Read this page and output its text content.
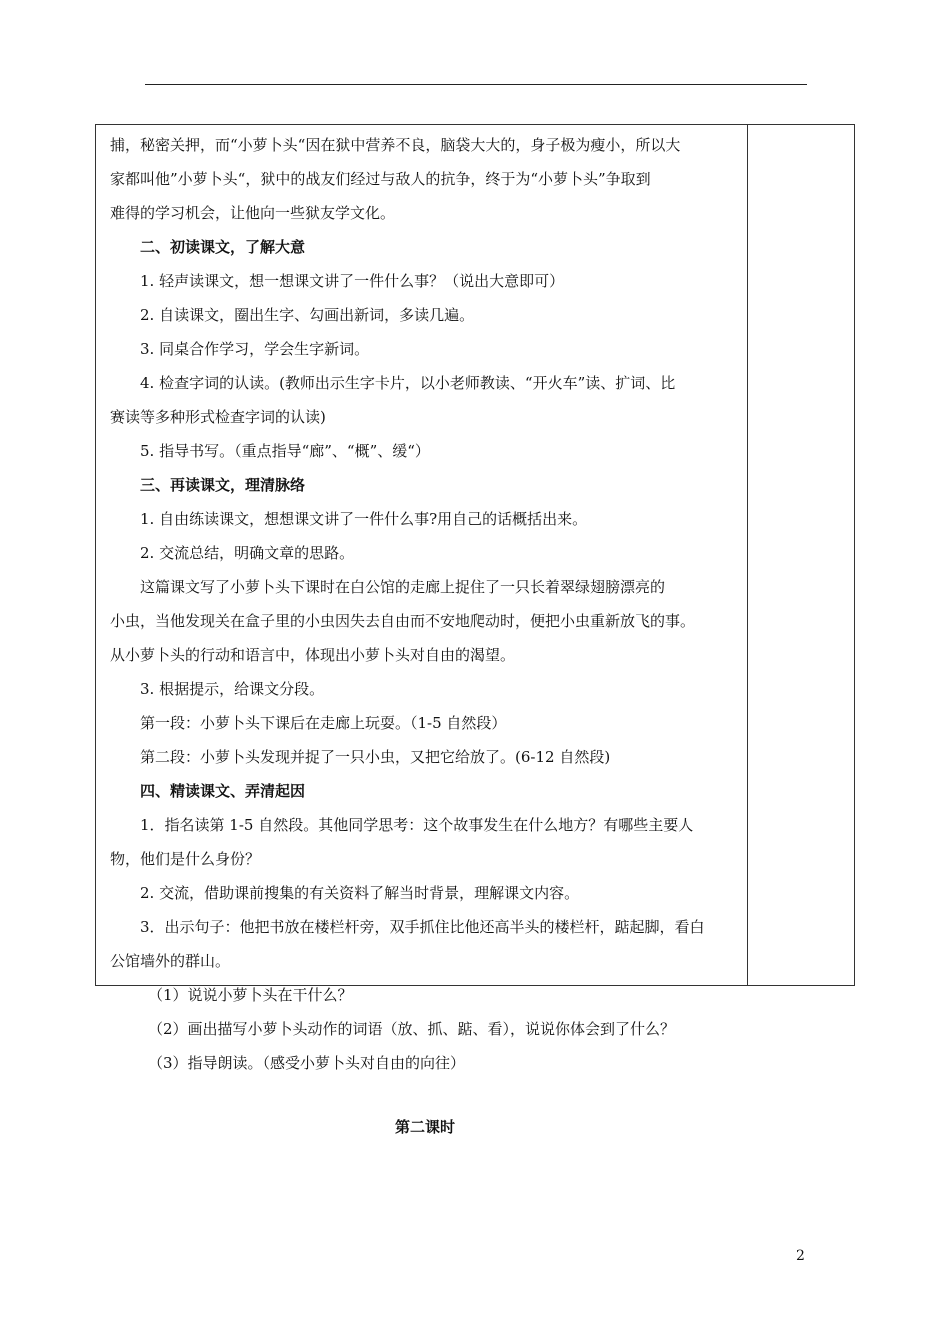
捕，秘密关押，而“小萝卜头“因在狱中营养不良，脑袋大大的，身子极为瘦小，所以大

家都叫他”小萝卜头“，狱中的战友们经过与敌人的抗争，终于为“小萝卜头”争取到

难得的学习机会，让他向一些狱友学文化。

二、初读课文，了解大意

1. 轻声读课文，想一想课文讲了一件什么事？（说出大意即可）

2. 自读课文，圈出生字、勾画出新词，多读几遍。

3. 同桌合作学习，学会生字新词。

4. 检查字词的认读。(教师出示生字卡片，以小老师教读、“开火车”读、扩词、比

赛读等多种形式检查字词的认读)

5. 指导书写。（重点指导“廊”、“概”、缓“）

三、再读课文，理清脉络

1. 自由练读课文，想想课文讲了一件什么事?用自己的话概括出来。

2. 交流总结，明确文章的思路。

这篇课文写了小萝卜头下课时在白公馆的走廊上捉住了一只长着翠绿翅膀漂亮的

小虫，当他发现关在盒子里的小虫因失去自由而不安地爬动时，便把小虫重新放飞的事。

从小萝卜头的行动和语言中，体现出小萝卜头对自由的渴望。

3. 根据提示，给课文分段。

第一段：小萝卜头下课后在走廊上玩耍。（1-5 自然段）

第二段：小萝卜头发现并捉了一只小虫，又把它给放了。(6-12 自然段)

四、精读课文、弄清起因

1．指名读第 1-5 自然段。其他同学思考：这个故事发生在什么地方？有哪些主要人

物，他们是什么身份？

2. 交流，借助课前搜集的有关资料了解当时背景，理解课文内容。

3．出示句子：他把书放在楼栏杆旁，双手抓住比他还高半头的楼栏杆，踮起脚，看白

公馆墙外的群山。

（1）说说小萝卜头在干什么？

（2）画出描写小萝卜头动作的词语（放、抓、踮、看），说说你体会到了什么？

（3）指导朗读。（感受小萝卜头对自由的向往）

第二课时

2
